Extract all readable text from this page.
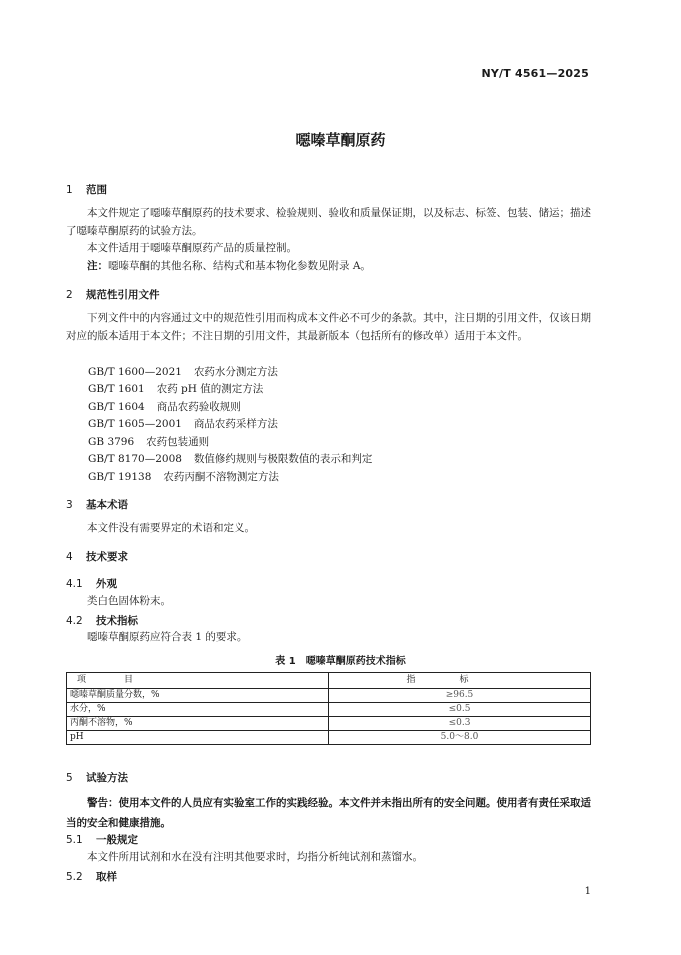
NY/T 4561—2025
噁嗪草酮原药
1 范围
本文件规定了噁嗪草酮原药的技术要求、检验规则、验收和质量保证期，以及标志、标签、包装、储运；描述了噁嗪草酮原药的试验方法。
本文件适用于噁嗪草酮原药产品的质量控制。
注：噁嗪草酮的其他名称、结构式和基本物化参数见附录 A。
2 规范性引用文件
下列文件中的内容通过文中的规范性引用而构成本文件必不可少的条款。其中，注日期的引用文件，仅该日期对应的版本适用于本文件；不注日期的引用文件，其最新版本（包括所有的修改单）适用于本文件。
GB/T 1600—2021 农药水分测定方法
GB/T 1601 农药 pH 值的测定方法
GB/T 1604 商品农药验收规则
GB/T 1605—2001 商品农药采样方法
GB 3796 农药包装通则
GB/T 8170—2008 数值修约规则与极限数值的表示和判定
GB/T 19138 农药丙酮不溶物测定方法
3 基本术语
本文件没有需要界定的术语和定义。
4 技术要求
4.1 外观
类白色固体粉末。
4.2 技术指标
噁嗪草酮原药应符合表 1 的要求。
表 1　噁嗪草酮原药技术指标
项目	指标
噁嗪草酮质量分数，%	≥96.5
水分，%	≤0.5
丙酮不溶物，%	≤0.3
pH	5.0～8.0
5 试验方法
警告：使用本文件的人员应有实验室工作的实践经验。本文件并未指出所有的安全问题。使用者有责任采取适当的安全和健康措施。
5.1 一般规定
本文件所用试剂和水在没有注明其他要求时，均指分析纯试剂和蒸馏水。
5.2 取样
1
